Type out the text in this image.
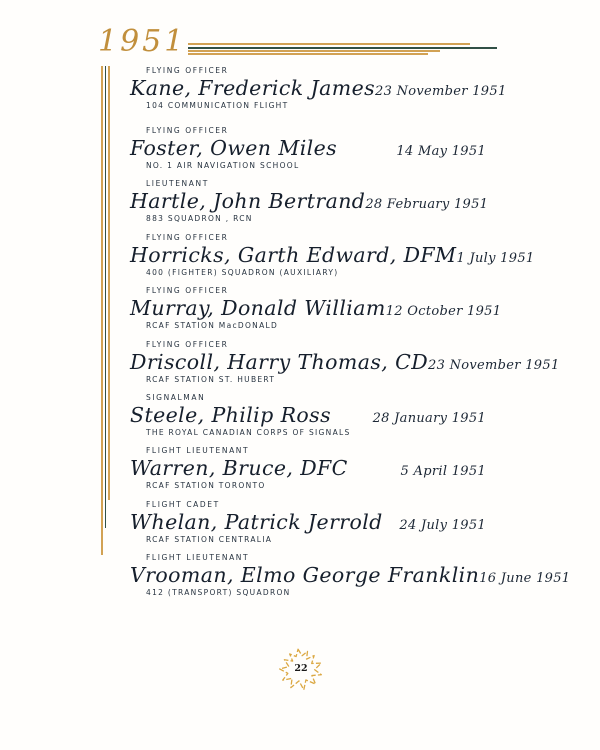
1951
FLYING OFFICER
Kane, Frederick James 23 November 1951
104 COMMUNICATION FLIGHT
FLYING OFFICER
Foster, Owen Miles	14 May 1951
NO. 1 AIR NAVIGATION SCHOOL
LIEUTENANT
Hartle, John Bertrand 28 February 1951
883 SQUADRON , RCN
FLYING OFFICER
Horricks, Garth Edward, DFM 1 July 1951
400 (FIGHTER) SQUADRON (AUXILIARY)
FLYING OFFICER
Murray, Donald William 12 October 1951
RCAF STATION MacDONALD
FLYING OFFICER
Driscoll, Harry Thomas, CD 23 November 1951
RCAF STATION ST. HUBERT
SIGNALMAN
Steele, Philip Ross	28 January 1951
THE ROYAL CANADIAN CORPS OF SIGNALS
FLIGHT LIEUTENANT
Warren, Bruce, DFC	5 April 1951
RCAF STATION TORONTO
FLIGHT CADET
Whelan, Patrick Jerrold 24 July 1951
RCAF STATION CENTRALIA
FLIGHT LIEUTENANT
Vrooman, Elmo George Franklin 16 June 1951
412 (TRANSPORT) SQUADRON
22
